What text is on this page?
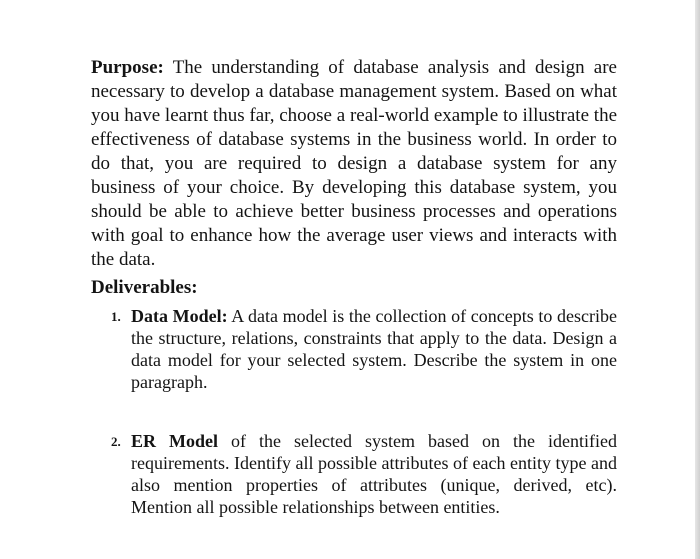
Purpose: The understanding of database analysis and design are necessary to develop a database management system. Based on what you have learnt thus far, choose a real-world example to illustrate the effectiveness of database systems in the business world. In order to do that, you are required to design a database system for any business of your choice. By developing this database system, you should be able to achieve better business processes and operations with goal to enhance how the average user views and interacts with the data.

Deliverables:
1. Data Model: A data model is the collection of concepts to describe the structure, relations, constraints that apply to the data. Design a data model for your selected system. Describe the system in one paragraph.
2. ER Model of the selected system based on the identified requirements. Identify all possible attributes of each entity type and also mention properties of attributes (unique, derived, etc). Mention all possible relationships between entities.
